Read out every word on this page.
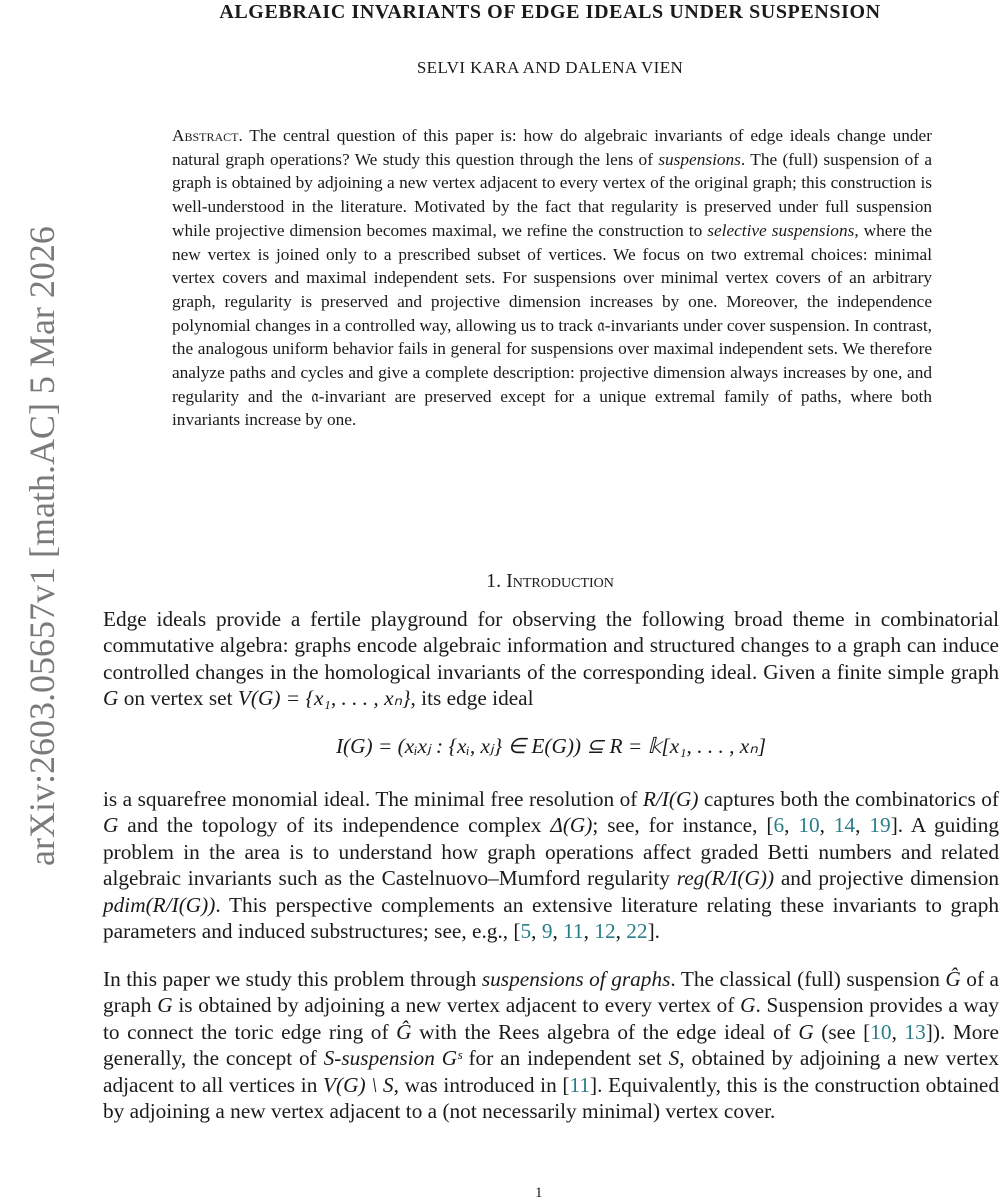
arXiv:2603.05657v1 [math.AC] 5 Mar 2026
ALGEBRAIC INVARIANTS OF EDGE IDEALS UNDER SUSPENSION
SELVI KARA AND DALENA VIEN
Abstract. The central question of this paper is: how do algebraic invariants of edge ideals change under natural graph operations? We study this question through the lens of suspensions. The (full) suspension of a graph is obtained by adjoining a new vertex adjacent to every vertex of the original graph; this construction is well-understood in the literature. Motivated by the fact that regularity is preserved under full suspension while projective dimension becomes maximal, we refine the construction to selective suspensions, where the new vertex is joined only to a prescribed subset of vertices. We focus on two extremal choices: minimal vertex covers and maximal independent sets. For suspensions over minimal vertex covers of an arbitrary graph, regularity is preserved and projective dimension increases by one. Moreover, the independence polynomial changes in a controlled way, allowing us to track 𝔞-invariants under cover suspension. In contrast, the analogous uniform behavior fails in general for suspensions over maximal independent sets. We therefore analyze paths and cycles and give a complete description: projective dimension always increases by one, and regularity and the 𝔞-invariant are preserved except for a unique extremal family of paths, where both invariants increase by one.
1. Introduction
Edge ideals provide a fertile playground for observing the following broad theme in combinatorial commutative algebra: graphs encode algebraic information and structured changes to a graph can induce controlled changes in the homological invariants of the corresponding ideal. Given a finite simple graph G on vertex set V(G) = {x₁, . . . , xₙ}, its edge ideal
I(G) = (xᵢxⱼ : {xᵢ, xⱼ} ∈ E(G)) ⊆ R = 𝕜[x₁, . . . , xₙ]
is a squarefree monomial ideal. The minimal free resolution of R/I(G) captures both the combinatorics of G and the topology of its independence complex Δ(G); see, for instance, [6, 10, 14, 19]. A guiding problem in the area is to understand how graph operations affect graded Betti numbers and related algebraic invariants such as the Castelnuovo–Mumford regularity reg(R/I(G)) and projective dimension pdim(R/I(G)). This perspective complements an extensive literature relating these invariants to graph parameters and induced substructures; see, e.g., [5, 9, 11, 12, 22].
In this paper we study this problem through suspensions of graphs. The classical (full) suspension Ĝ of a graph G is obtained by adjoining a new vertex adjacent to every vertex of G. Suspension provides a way to connect the toric edge ring of Ĝ with the Rees algebra of the edge ideal of G (see [10, 13]). More generally, the concept of S-suspension Gˢ for an independent set S, obtained by adjoining a new vertex adjacent to all vertices in V(G) \ S, was introduced in [11]. Equivalently, this is the construction obtained by adjoining a new vertex adjacent to a (not necessarily minimal) vertex cover.
1
